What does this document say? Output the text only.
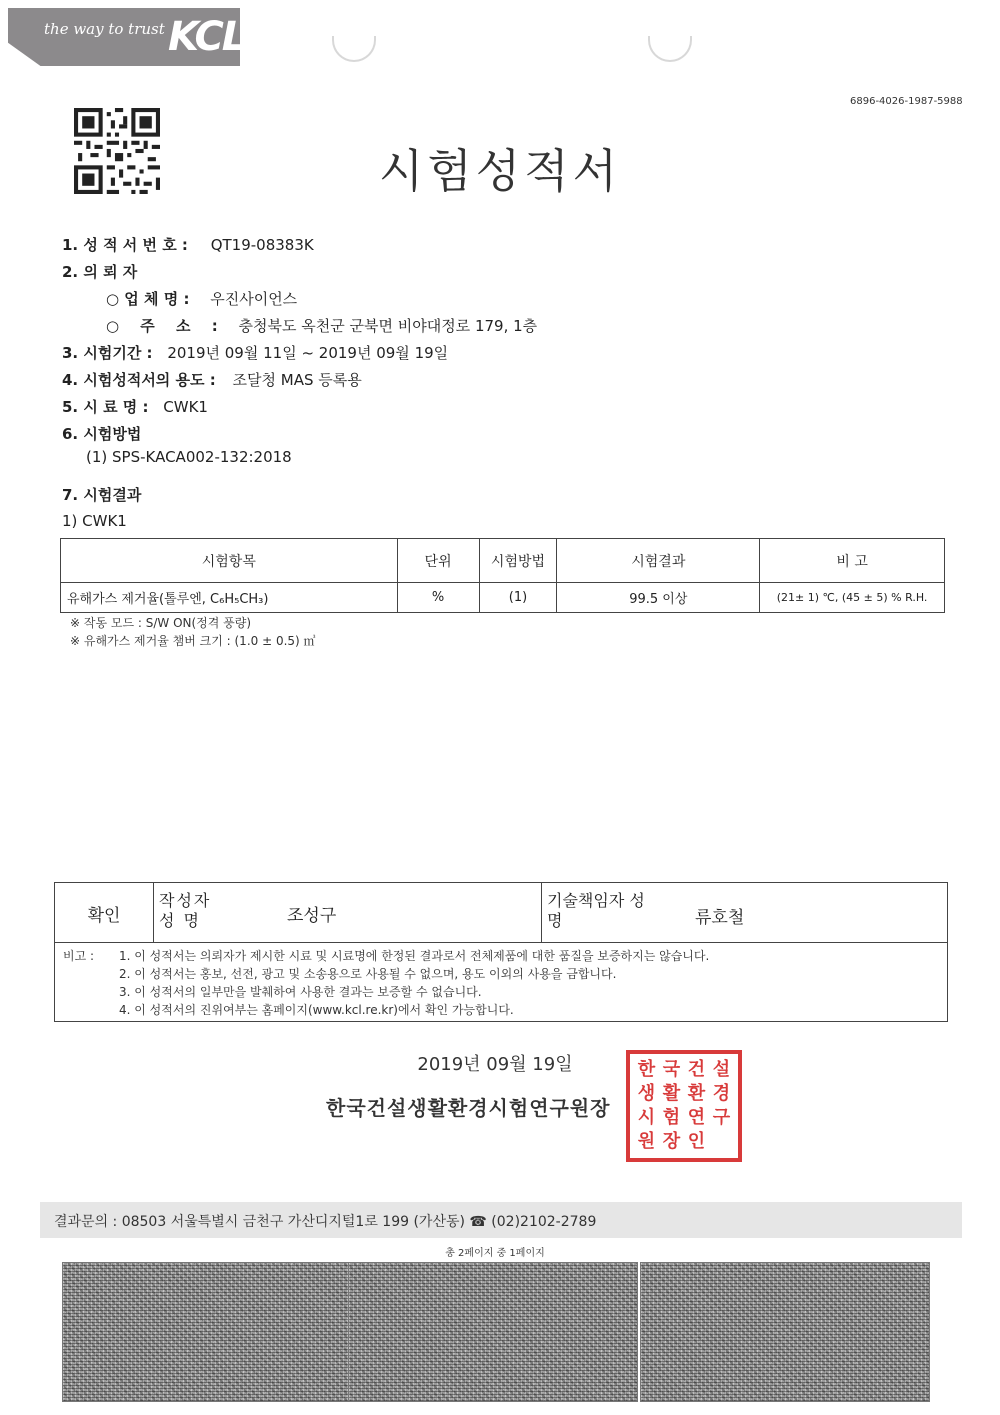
the way to trust KCL
6896-4026-1987-5988
시험성적서
1. 성 적 서 번 호 : QT19-08383K
2. 의 뢰 자
○ 업 체 명 : 우진사이언스
○ 주 소 : 충청북도 옥천군 군북면 비야대정로 179, 1층
3. 시험기간 : 2019년 09월 11일 ~ 2019년 09월 19일
4. 시험성적서의 용도 : 조달청 MAS 등록용
5. 시 료 명 : CWK1
6. 시험방법
(1) SPS-KACA002-132:2018
7. 시험결과
1) CWK1
시험항목	단위	시험방법	시험결과	비 고
유해가스 제거율(톨루엔, C₆H₅CH₃)	%	(1)	99.5 이상	(21± 1) ℃, (45 ± 5) % R.H.
※ 작동 모드 : S/W ON(정격 풍량)
※ 유해가스 제거율 챔버 크기 : (1.0 ± 0.5) ㎥
확인
작성자 성 명	조성구
기술책임자 성 명	류호철
비고 : 1. 이 성적서는 의뢰자가 제시한 시료 및 시료명에 한정된 결과로서 전체제품에 대한 품질을 보증하지는 않습니다.
2. 이 성적서는 홍보, 선전, 광고 및 소송용으로 사용될 수 없으며, 용도 이외의 사용을 금합니다.
3. 이 성적서의 일부만을 발췌하여 사용한 결과는 보증할 수 없습니다.
4. 이 성적서의 진위여부는 홈페이지(www.kcl.re.kr)에서 확인 가능합니다.
2019년 09월 19일
한국건설생활환경시험연구원장
한 국 건 설
생 활 환 경
시 험 연 구
원 장 인
결과문의 : 08503 서울특별시 금천구 가산디지털1로 199 (가산동) ☎ (02)2102-2789
총 2페이지 중 1페이지
